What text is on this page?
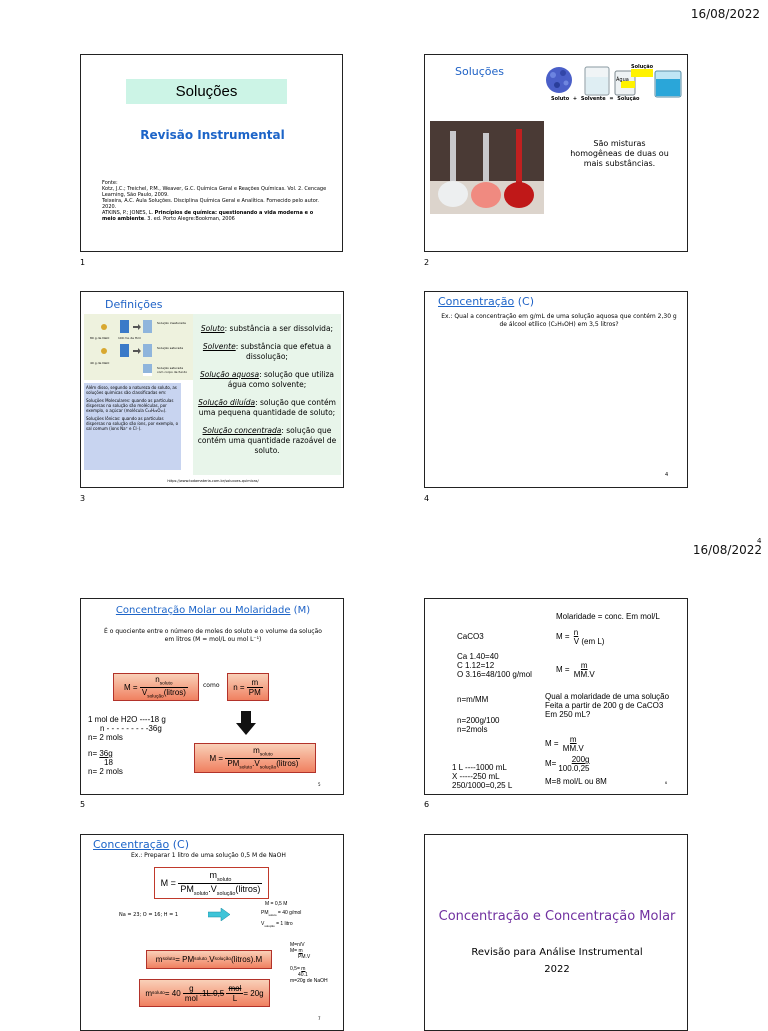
16/08/2022
4
16/08/2022
1	2
3	4
5	6
Soluções
Revisão Instrumental
Fonte:
Kotz, J.C.; Treichel, P.M., Weaver, G.C. Química Geral e Reações Químicas. Vol. 2. Cencage Learning, São Paulo, 2009.
Teixeira, A.C. Aula Soluções. Disciplina Química Geral e Analítica. Fornecido pelo autor. 2020.
ATKINS, P.; JONES, L. Princípios de química: questionando a vida moderna e o meio ambiente. 3. ed. Porto Alegre:Bookman, 2006
Soluções	Solução
Água
Soluto + Solvente = Solução
São misturas homogêneas de duas ou mais substâncias.
Definições
Solução insaturada
Solução saturada
Solução saturada com corpo de fundo
80 g de NaCl	100 mL de H₂O
40 g de NaCl
Além disso, segundo a natureza do soluto, as soluções químicas são classificadas em:
Soluções Moleculares: quando as partículas dispersas na solução são moléculas, por exemplo, o açúcar (molécula C₁₂H₂₂O₁₁).
Soluções Iônicas: quando as partículas dispersas na solução são íons, por exemplo, o sal comum (íons Na⁺ e Cl⁻).
Soluto: substância a ser dissolvida;
Solvente: substância que efetua a dissolução;
Solução aquosa: solução que utiliza água como solvente;
Solução diluída: solução que contém uma pequena quantidade de soluto;
Solução concentrada: solução que contém uma quantidade razoável de soluto.
https://www.todamateria.com.br/solucoes-quimicas/
Concentração (C)
Ex.: Qual a concentração em g/mL de uma solução aquosa que contém 2,30 g de álcool etílico (C₂H₅OH) em 3,5 litros?
4
Concentração Molar ou Molaridade (M)
É o quociente entre o número de moles do soluto e o volume da solução em litros (M = mol/L ou mol L⁻¹)
M =
$\frac{n_{soluto}}{V_{solução}(litros)}$	como n =
$\frac{m}{PM}$
1 mol de H2O ----18 g
n - - - - - - - - -36g
n= 2 mols
n= 36g
18
n= 2 mols
M =
$\frac{m_{soluto}}{PM_{soluto}.V_{solução}(litros)}$
5
Molaridade = conc. Em mol/L
CaCO3	$M = \frac{n}{\text{V (em L)}}$
Ca 1.40=40
C 1.12=12
O 3.16=48/100 g/mol
$M = \frac{m}{MM.V}$
n=m/MM	Qual a molaridade de uma solução
Feita a partir de 200 g de CaCO3
Em 250 mL?
n=200g/100
n=2mols
$M = \frac{m}{MM.V}$
$M= \frac{200g}{100.0,25}$
M=8 mol/L ou 8M
1 L ----1000 mL
X -----250 mL
250/1000=0,25 L	6
Concentração (C)
Ex.: Preparar 1 litro de uma solução 0,5 M de NaOH
M =
$\frac{m_{soluto}}{PM_{soluto}.V_{solução}(litros)}$
M = 0,5 M
$PM_{soluto} = 40$ g/mol
$V_{solução} = 1$ litro
Na = 23; O = 16; H = 1
M=n/V
M= m
PM.V
0,5= m
40.1
m=20g de NaOH
m soluto = PM soluto .V solução (litros).M
m soluto = 40
$\frac{g}{\text{mol}} .1L.0,5$
$\frac{\text{mol}}{L} = 20g$
7
Concentração e Concentração Molar
Revisão para Análise Instrumental
2022
